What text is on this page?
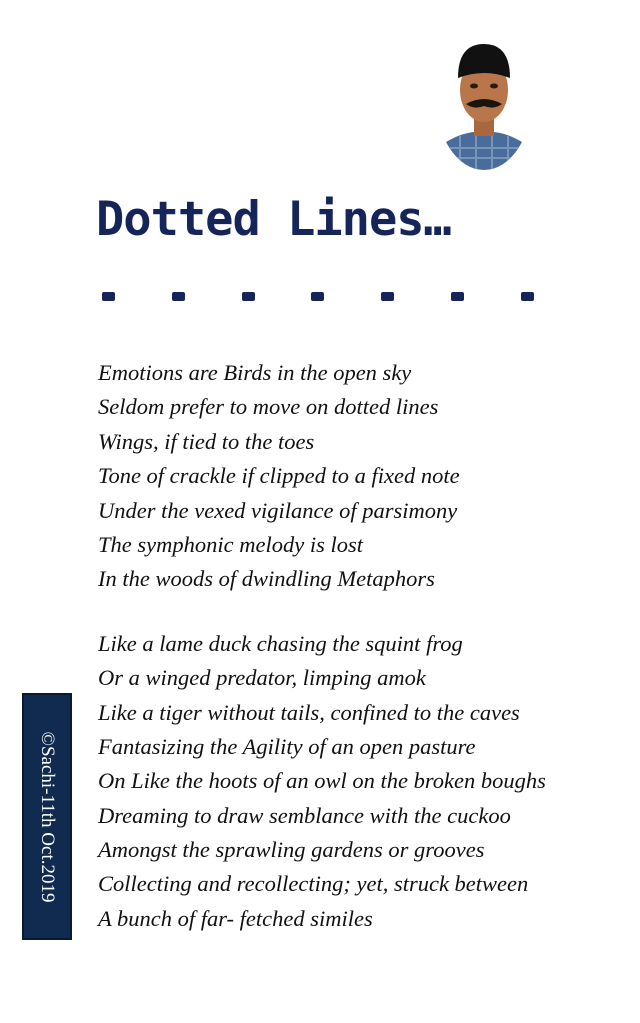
Dotted Lines…
Emotions are Birds in the open sky
Seldom prefer to move on dotted lines
Wings, if tied to the toes
Tone of crackle if clipped to a fixed note
Under the vexed vigilance of parsimony
The symphonic melody is lost
In the woods of dwindling Metaphors
Like a lame duck chasing the squint frog
Or a winged predator, limping amok
Like a tiger without tails, confined to the caves
Fantasizing the Agility of an open pasture
On Like the hoots of an owl on the broken boughs
Dreaming to draw semblance with the cuckoo
Amongst the sprawling gardens or grooves
Collecting and recollecting; yet, struck between
A bunch of far- fetched similes
©Sachi-11th Oct.2019
